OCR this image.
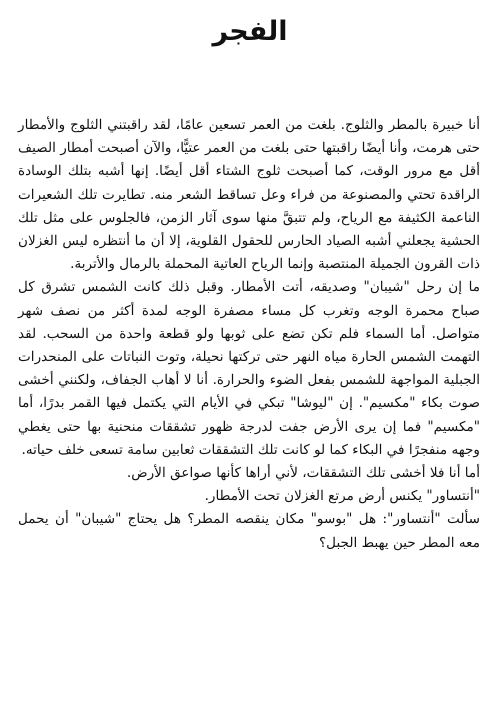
الفجر

أنا خبيرة بالمطر والثلوج. بلغت من العمر تسعين عامًا، لقد راقبتني الثلوج والأمطار حتى هرمت، وأنا أيضًا راقبتها حتى بلغت من العمر عتيًّا، والآن أصبحت أمطار الصيف أقل مع مرور الوقت، كما أصبحت ثلوج الشتاء أقل أيضًا. إنها أشبه بتلك الوسادة الراقدة تحتي والمصنوعة من فراء وعل تساقط الشعر منه. تطايرت تلك الشعيرات الناعمة الكثيفة مع الرياح، ولم تتبقَّ منها سوى آثار الزمن، فالجلوس على مثل تلك الحشية يجعلني أشبه الصياد الحارس للحقول القلوية، إلا أن ما أنتظره ليس الغزلان ذات القرون الجميلة المنتصبة وإنما الرياح العاتية المحملة بالرمال والأتربة.

ما إن رحل "شيبان" وصديقه، أتت الأمطار. وقبل ذلك كانت الشمس تشرق كل صباح محمرة الوجه وتغرب كل مساء مصفرة الوجه لمدة أكثر من نصف شهر متواصل. أما السماء فلم تكن تضع على ثوبها ولو قطعة واحدة من السحب. لقد التهمت الشمس الحارة مياه النهر حتى تركتها نحيلة، وتوت النباتات على المنحدرات الجبلية المواجهة للشمس بفعل الضوء والحرارة. أنا لا أهاب الجفاف، ولكنني أخشى صوت بكاء "مكسيم". إن "ليوشا" تبكي في الأيام التي يكتمل فيها القمر بدرًا، أما "مكسيم" فما إن يرى الأرض جفت لدرجة ظهور تشققات منحنية بها حتى يغطي وجهه منفجرًا في البكاء كما لو كانت تلك التشققات ثعابين سامة تسعى خلف حياته.

أما أنا فلا أخشى تلك التشققات، لأني أراها كأنها صواعق الأرض.

"أنتساور" يكنس أرض مرتع الغزلان تحت الأمطار.

سألت "أنتساور": هل "بوسو" مكان ينقصه المطر؟ هل يحتاج "شيبان" أن يحمل معه المطر حين يهبط الجبل؟
